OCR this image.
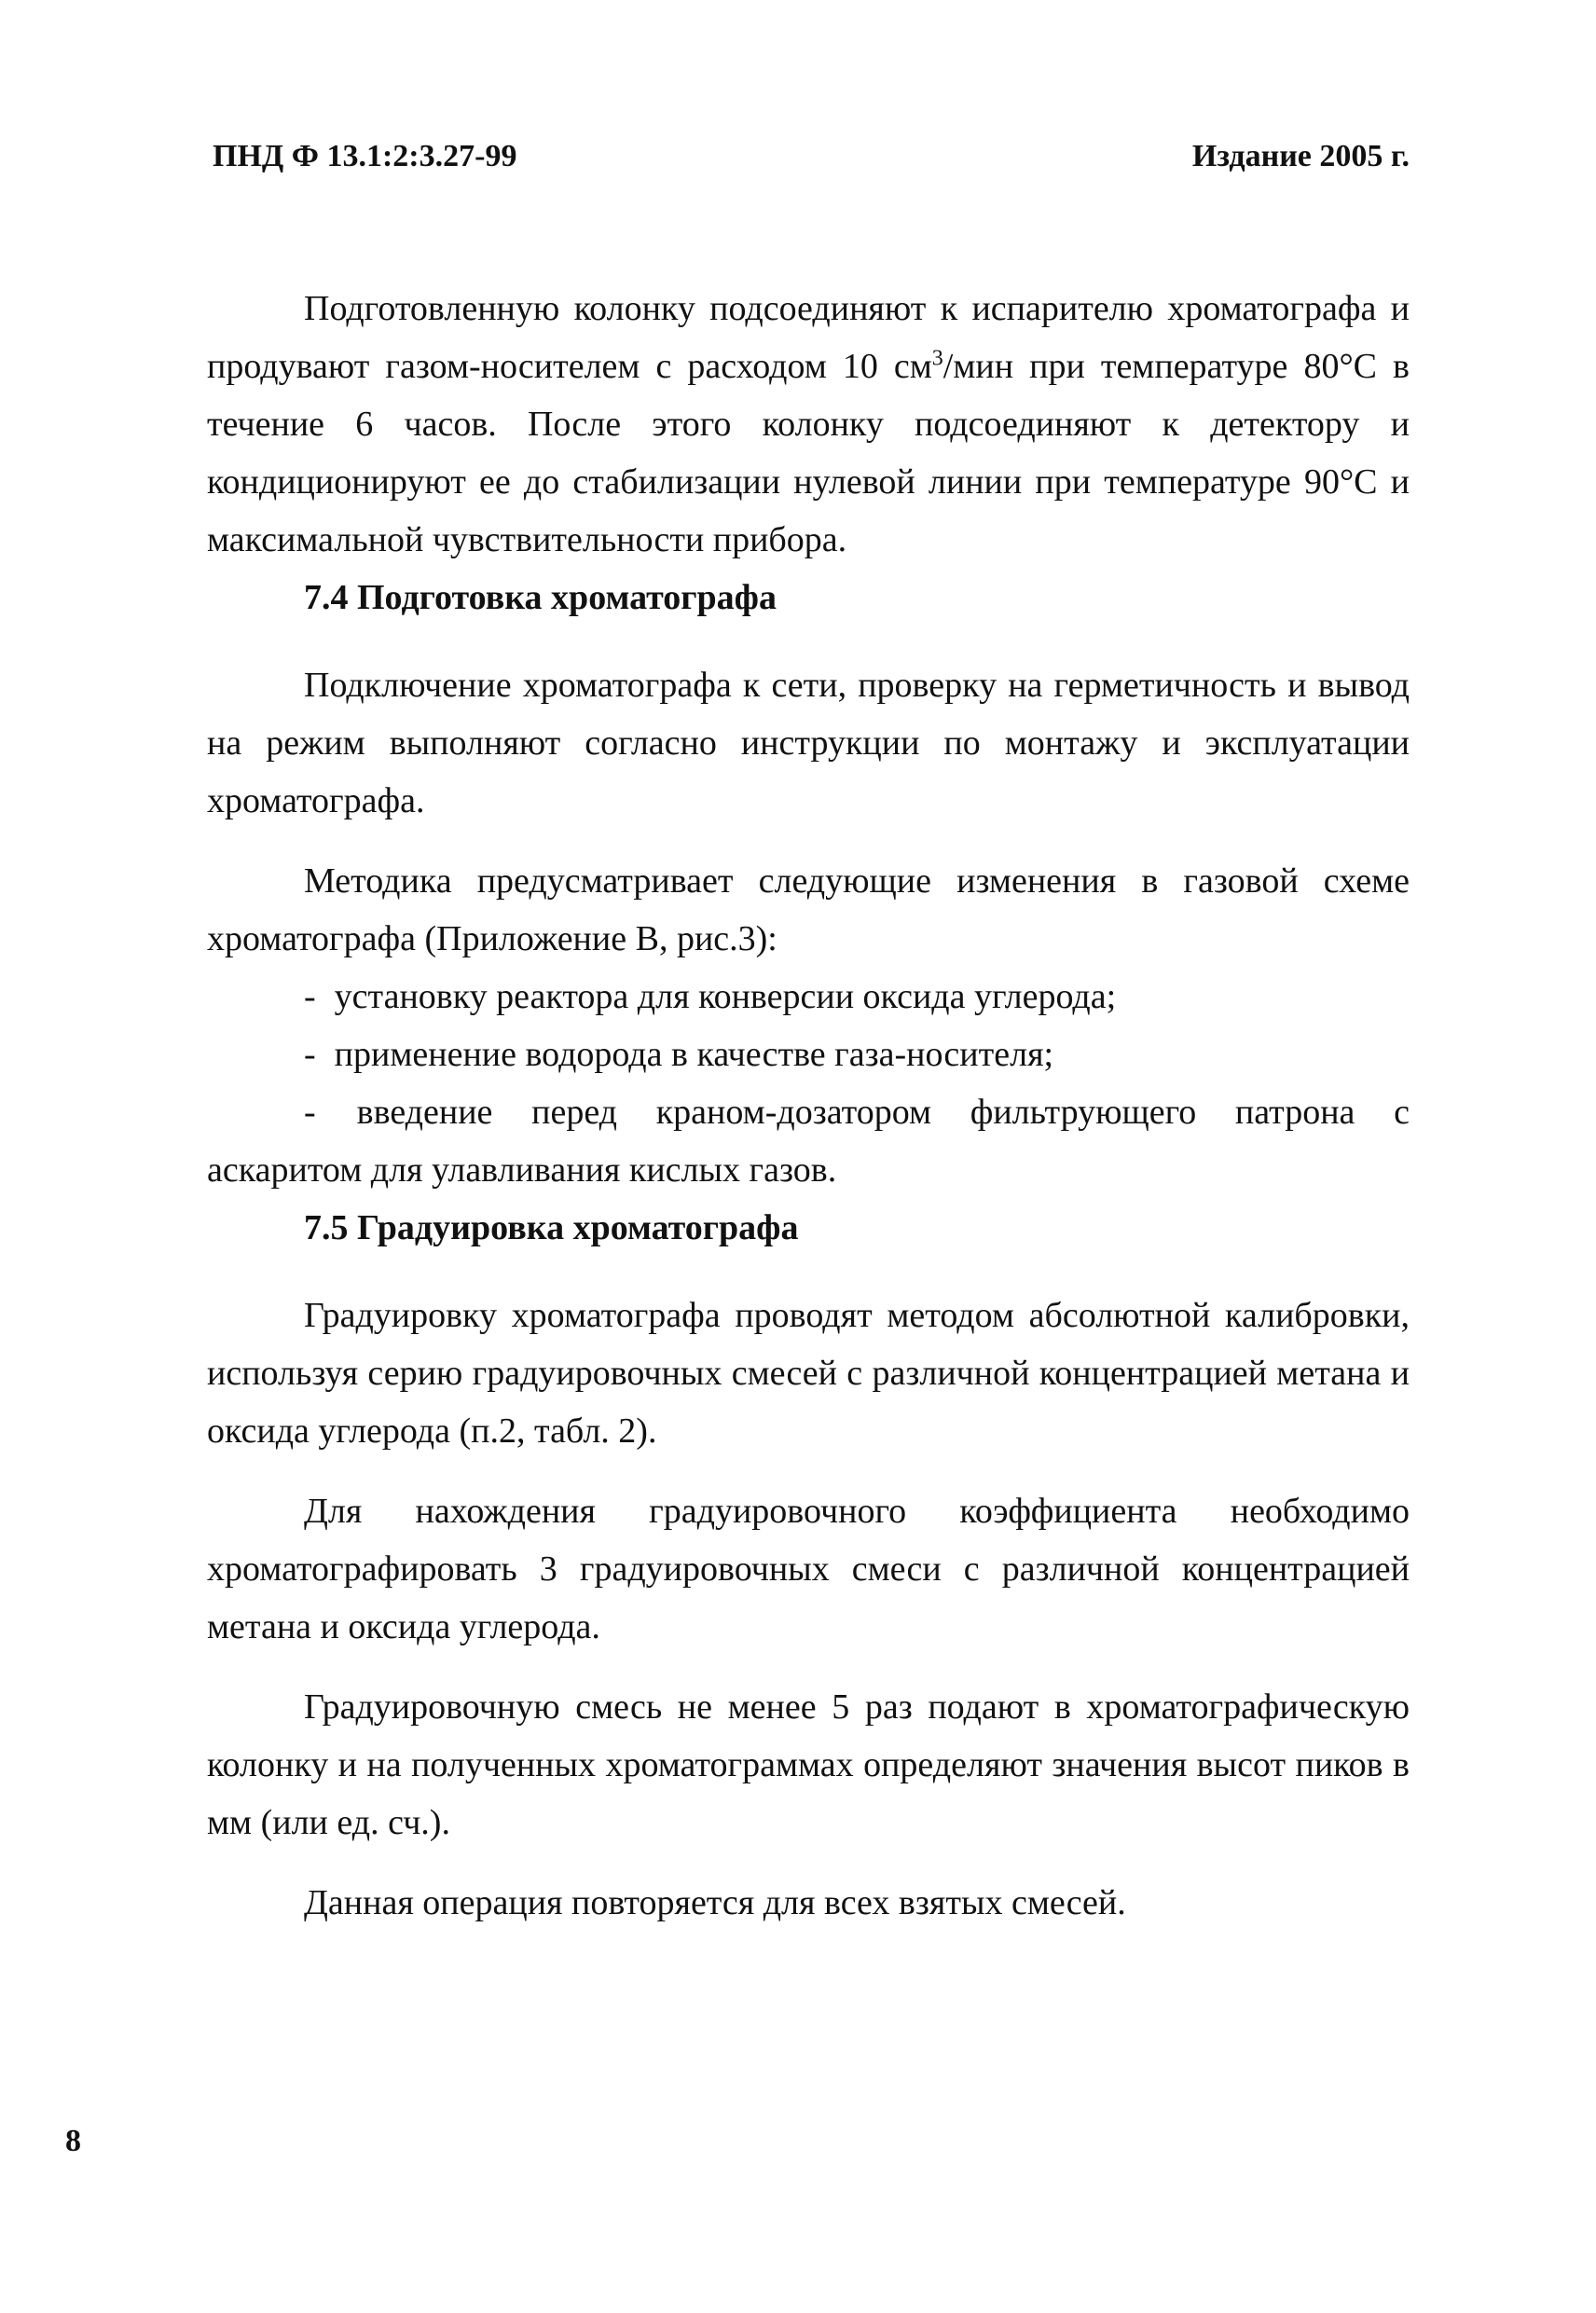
ПНД Ф 13.1:2:3.27-99	Издание 2005 г.

Подготовленную колонку подсоединяют к испарителю хроматографа и продувают газом-носителем с расходом 10 $см^3$/мин при температуре 80°С в течение 6 часов. После этого колонку подсоединяют к детектору и кондиционируют ее до стабилизации нулевой линии при температуре 90°С и максимальной чувствительности прибора.

7.4 Подготовка хроматографа

Подключение хроматографа к сети, проверку на герметичность и вывод на режим выполняют согласно инструкции по монтажу и эксплуатации хроматографа.

Методика предусматривает следующие изменения в газовой схеме хроматографа (Приложение В, рис.3):

- установку реактора для конверсии оксида углерода;

- применение водорода в качестве газа-носителя;

- введение перед краном-дозатором фильтрующего патрона с аскаритом для улавливания кислых газов.

7.5 Градуировка хроматографа

Градуировку хроматографа проводят методом абсолютной калибровки, используя серию градуировочных смесей с различной концентрацией метана и оксида углерода (п.2, табл. 2).

Для нахождения градуировочного коэффициента необходимо хроматографировать 3 градуировочных смеси с различной концентрацией метана и оксида углерода.

Градуировочную смесь не менее 5 раз подают в хроматографическую колонку и на полученных хроматограммах определяют значения высот пиков в мм (или ед. сч.).

Данная операция повторяется для всех взятых смесей.

8
